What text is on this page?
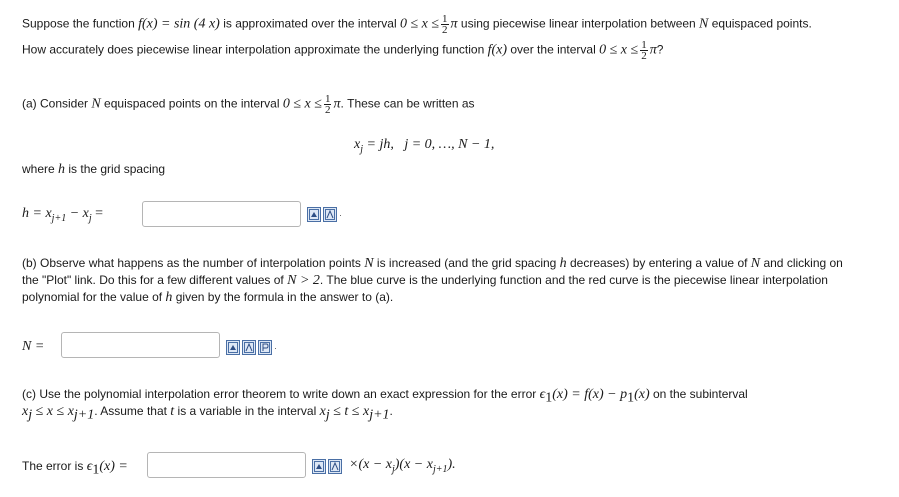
Suppose the function f(x) = sin (4 x) is approximated over the interval $0 \le x \le \frac{1}{2}$ π using piecewise linear interpolation between N equispaced points.
How accurately does piecewise linear interpolation approximate the underlying function f(x) over the interval $0 \le x \le \frac{1}{2} \pi$?
(a) Consider N equispaced points on the interval $0 \le x \le \frac{1}{2} \pi$. These can be written as
$x_j$ = jh,   j = 0, …, N − 1,
where h is the grid spacing
$h = x_{j+1} - x_j$ =	·
(b) Observe what happens as the number of interpolation points N is increased (and the grid spacing h decreases) by entering a value of N and clicking on
the "Plot" link. Do this for a few different values of N > 2. The blue curve is the underlying function and the red curve is the piecewise linear interpolation
polynomial for the value of h given by the formula in the answer to (a).
N =	·
(c) Use the polynomial interpolation error theorem to write down an exact expression for the error $\epsilon_1(x) = f(x) - p_1(x)$ on the subinterval
$x_j \le x \le x_{j+1}$. Assume that t is a variable in the interval $x_j \le t \le x_{j+1}$.
The error is $\epsilon_1(x)$ =	$\times(x - x_j)(x - x_{j+1})$.
